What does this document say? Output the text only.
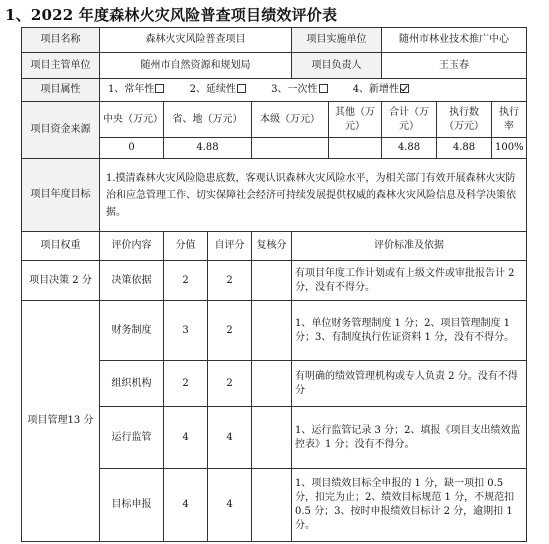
1、2022 年度森林火灾风险普查项目绩效评价表
项目名称	森林火灾风险普查项目				项目实施单位		随州市林业技术推广中心		
项目主管单位	随州市自然资源和规划局				项目负责人		王玉春		
项目属性	1、常年性 2、延续性 3、一次性 4、新增性								
项目资金来源	中央（万元）	省、地（万元）		本级（万元）		其他（万元）	合计（万元）	执行数（万元）	执行率
	0	4.88					4.88	4.88	100%
项目年度目标	1.摸清森林火灾风险隐患底数，客观认识森林火灾风险水平，为相关部门有效开展森林火灾防治和应急管理工作、切实保障社会经济可持续发展提供权威的森林火灾风险信息及科学决策依据。								
项目权重	评价内容	分值	自评分	复核分	评价标准及依据				
项目决策 2 分	决策依据	2	2		有项目年度工作计划或有上级文件或审批报告计 2 分，没有不得分。				
项目管理13 分	财务制度	3	2		1、单位财务管理制度 1 分；2、项目管理制度 1 分；3、有制度执行佐证资料 1 分，没有不得分。				
	组织机构	2	2		有明确的绩效管理机构或专人负责 2 分。没有不得分				
	运行监管	4	4		1、运行监管记录 3 分；2、填报《项目支出绩效监控表》1 分；没有不得分。				
	目标申报	4	4		1、项目绩效目标全申报的 1 分，缺一项扣 0.5 分，扣完为止；2、绩效目标规范 1 分，不规范扣 0.5 分；3、按时申报绩效目标计 2 分，逾期扣 1 分。				
